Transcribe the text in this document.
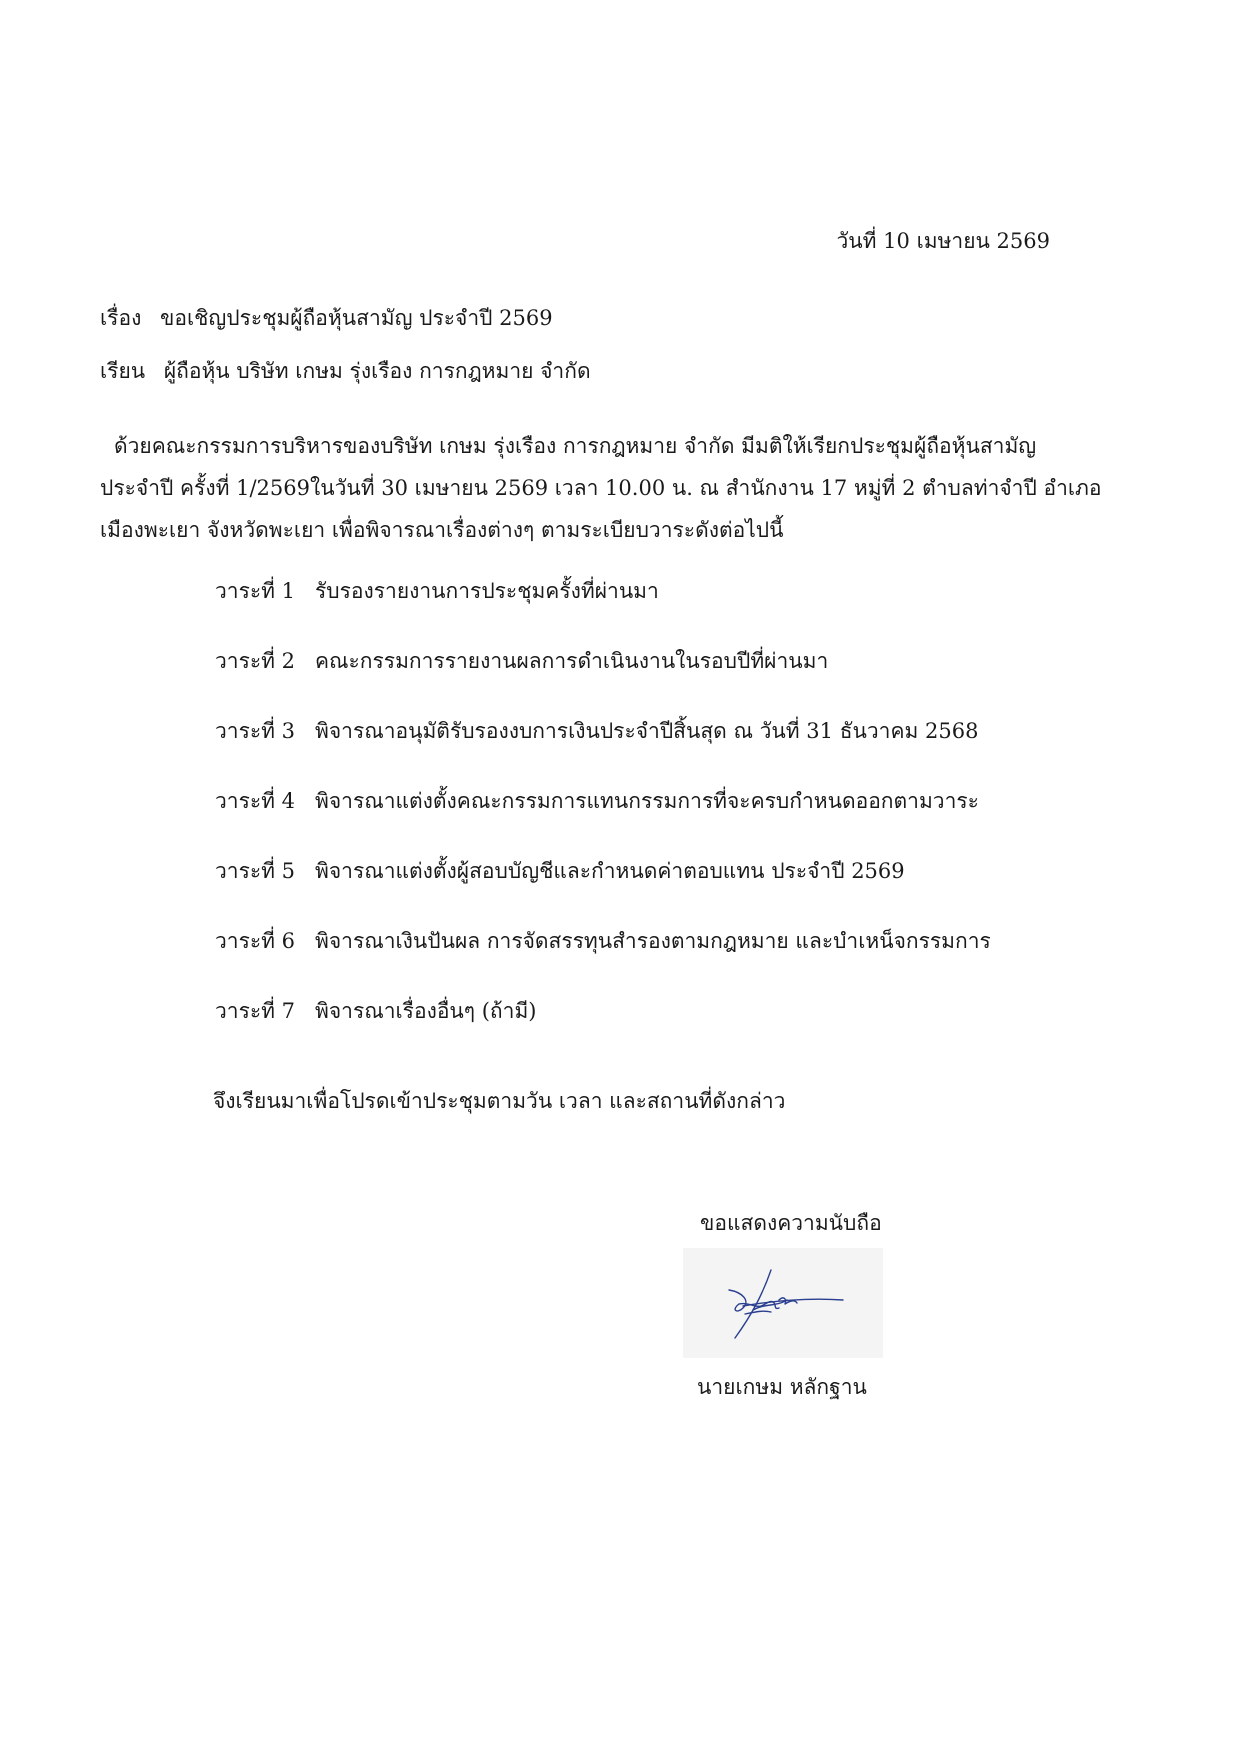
วันที่ 10 เมษายน 2569
เรื่อง ขอเชิญประชุมผู้ถือหุ้นสามัญ ประจำปี 2569
เรียน ผู้ถือหุ้น บริษัท เกษม รุ่งเรือง การกฎหมาย จำกัด
ด้วยคณะกรรมการบริหารของบริษัท เกษม รุ่งเรือง การกฎหมาย จำกัด มีมติให้เรียกประชุมผู้ถือหุ้นสามัญ
ประจำปี ครั้งที่ 1/2569ในวันที่ 30 เมษายน 2569 เวลา 10.00 น. ณ สำนักงาน 17 หมู่ที่ 2 ตำบลท่าจำปี อำเภอ
เมืองพะเยา จังหวัดพะเยา เพื่อพิจารณาเรื่องต่างๆ ตามระเบียบวาระดังต่อไปนี้
วาระที่ 1 รับรองรายงานการประชุมครั้งที่ผ่านมา
วาระที่ 2 คณะกรรมการรายงานผลการดำเนินงานในรอบปีที่ผ่านมา
วาระที่ 3 พิจารณาอนุมัติรับรองงบการเงินประจำปีสิ้นสุด ณ วันที่ 31 ธันวาคม 2568
วาระที่ 4 พิจารณาแต่งตั้งคณะกรรมการแทนกรรมการที่จะครบกำหนดออกตามวาระ
วาระที่ 5 พิจารณาแต่งตั้งผู้สอบบัญชีและกำหนดค่าตอบแทน ประจำปี 2569
วาระที่ 6 พิจารณาเงินปันผล การจัดสรรทุนสำรองตามกฎหมาย และบำเหน็จกรรมการ
วาระที่ 7 พิจารณาเรื่องอื่นๆ (ถ้ามี)
จึงเรียนมาเพื่อโปรดเข้าประชุมตามวัน เวลา และสถานที่ดังกล่าว
ขอแสดงความนับถือ
นายเกษม หลักฐาน
